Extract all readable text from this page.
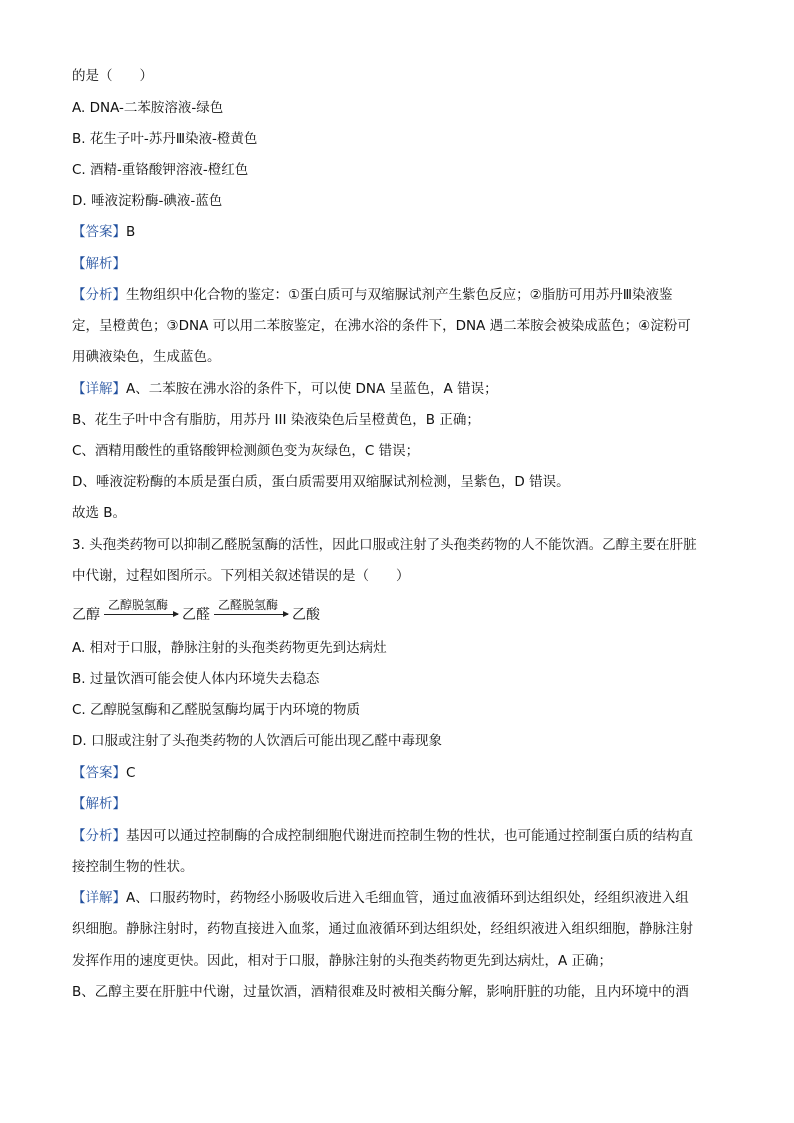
的是（　　）
A. DNA-二苯胺溶液-绿色
B. 花生子叶-苏丹Ⅲ染液-橙黄色
C. 酒精-重铬酸钾溶液-橙红色
D. 唾液淀粉酶-碘液-蓝色
【答案】B
【解析】
【分析】生物组织中化合物的鉴定：①蛋白质可与双缩脲试剂产生紫色反应；②脂肪可用苏丹Ⅲ染液鉴
定，呈橙黄色；③DNA 可以用二苯胺鉴定，在沸水浴的条件下，DNA 遇二苯胺会被染成蓝色；④淀粉可
用碘液染色，生成蓝色。
【详解】A、二苯胺在沸水浴的条件下，可以使 DNA 呈蓝色，A 错误；
B、花生子叶中含有脂肪，用苏丹 III 染液染色后呈橙黄色，B 正确；
C、酒精用酸性的重铬酸钾检测颜色变为灰绿色，C 错误；
D、唾液淀粉酶的本质是蛋白质，蛋白质需要用双缩脲试剂检测，呈紫色，D 错误。
故选 B。
3. 头孢类药物可以抑制乙醛脱氢酶的活性，因此口服或注射了头孢类药物的人不能饮酒。乙醇主要在肝脏
中代谢，过程如图所示。下列相关叙述错误的是（　　）
乙醇
乙醇脱氢酶
乙醛
乙醛脱氢酶
乙酸
A. 相对于口服，静脉注射的头孢类药物更先到达病灶
B. 过量饮酒可能会使人体内环境失去稳态
C. 乙醇脱氢酶和乙醛脱氢酶均属于内环境的物质
D. 口服或注射了头孢类药物的人饮酒后可能出现乙醛中毒现象
【答案】C
【解析】
【分析】基因可以通过控制酶的合成控制细胞代谢进而控制生物的性状，也可能通过控制蛋白质的结构直
接控制生物的性状。
【详解】A、口服药物时，药物经小肠吸收后进入毛细血管，通过血液循环到达组织处，经组织液进入组
织细胞。静脉注射时，药物直接进入血浆，通过血液循环到达组织处，经组织液进入组织细胞，静脉注射
发挥作用的速度更快。因此，相对于口服，静脉注射的头孢类药物更先到达病灶，A 正确；
B、乙醇主要在肝脏中代谢，过量饮酒，酒精很难及时被相关酶分解，影响肝脏的功能，且内环境中的酒
